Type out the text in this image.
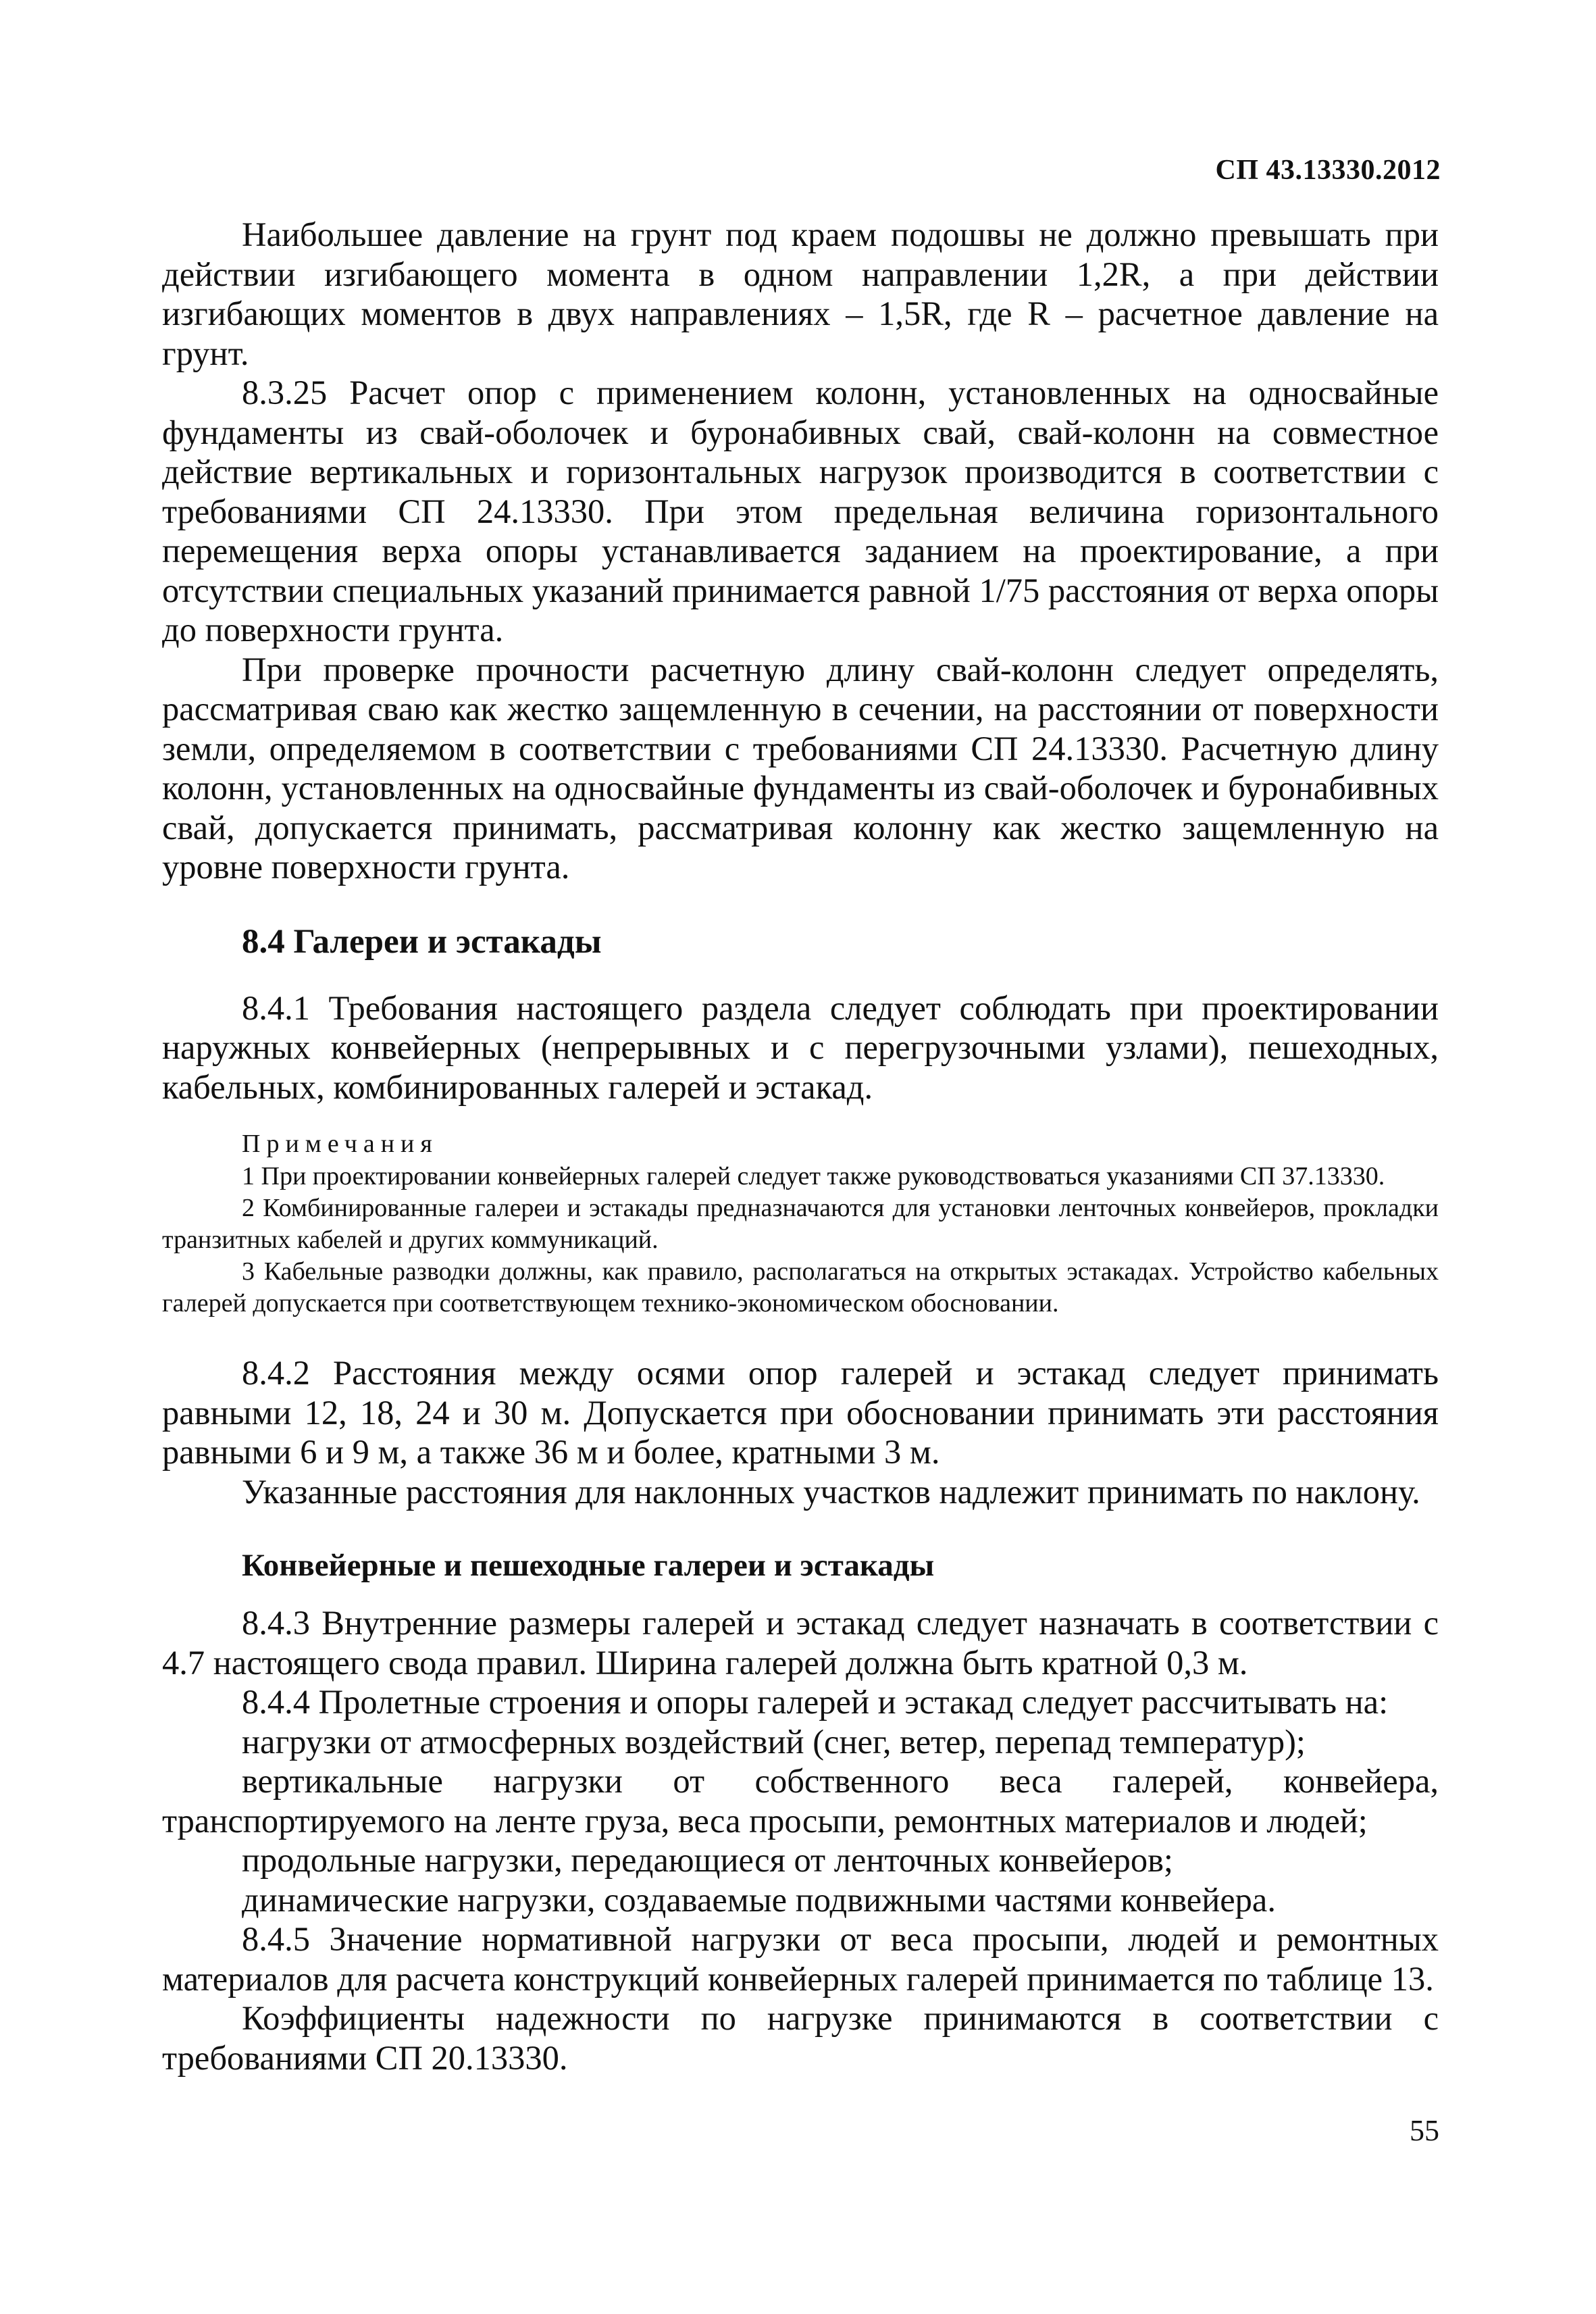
СП 43.13330.2012

Наибольшее давление на грунт под краем подошвы не должно превышать при действии изгибающего момента в одном направлении 1,2R, а при действии изгибающих моментов в двух направлениях – 1,5R, где R – расчетное давление на грунт.

8.3.25 Расчет опор с применением колонн, установленных на односвайные фундаменты из свай-оболочек и буронабивных свай, свай-колонн на совместное действие вертикальных и горизонтальных нагрузок производится в соответствии с требованиями СП 24.13330. При этом предельная величина горизонтального перемещения верха опоры устанавливается заданием на проектирование, а при отсутствии специальных указаний принимается равной 1/75 расстояния от верха опоры до поверхности грунта.

При проверке прочности расчетную длину свай-колонн следует определять, рассматривая сваю как жестко защемленную в сечении, на расстоянии от поверхности земли, определяемом в соответствии с требованиями СП 24.13330. Расчетную длину колонн, установленных на односвайные фундаменты из свай-оболочек и буронабивных свай, допускается принимать, рассматривая колонну как жестко защемленную на уровне поверхности грунта.

8.4 Галереи и эстакады

8.4.1 Требования настоящего раздела следует соблюдать при проектировании наружных конвейерных (непрерывных и с перегрузочными узлами), пешеходных, кабельных, комбинированных галерей и эстакад.

Примечания

1 При проектировании конвейерных галерей следует также руководствоваться указаниями СП 37.13330.

2 Комбинированные галереи и эстакады предназначаются для установки ленточных конвейеров, прокладки транзитных кабелей и других коммуникаций.

3 Кабельные разводки должны, как правило, располагаться на открытых эстакадах. Устройство кабельных галерей допускается при соответствующем технико-экономическом обосновании.

8.4.2 Расстояния между осями опор галерей и эстакад следует принимать равными 12, 18, 24 и 30 м. Допускается при обосновании принимать эти расстояния равными 6 и 9 м, а также 36 м и более, кратными 3 м.

Указанные расстояния для наклонных участков надлежит принимать по наклону.

Конвейерные и пешеходные галереи и эстакады

8.4.3 Внутренние размеры галерей и эстакад следует назначать в соответствии с 4.7 настоящего свода правил. Ширина галерей должна быть кратной 0,3 м.

8.4.4 Пролетные строения и опоры галерей и эстакад следует рассчитывать на:

нагрузки от атмосферных воздействий (снег, ветер, перепад температур);

вертикальные нагрузки от собственного веса галерей, конвейера, транспортируемого на ленте груза, веса просыпи, ремонтных материалов и людей;

продольные нагрузки, передающиеся от ленточных конвейеров;

динамические нагрузки, создаваемые подвижными частями конвейера.

8.4.5 Значение нормативной нагрузки от веса просыпи, людей и ремонтных материалов для расчета конструкций конвейерных галерей принимается по таблице 13.

Коэффициенты надежности по нагрузке принимаются в соответствии с требованиями СП 20.13330.

55
